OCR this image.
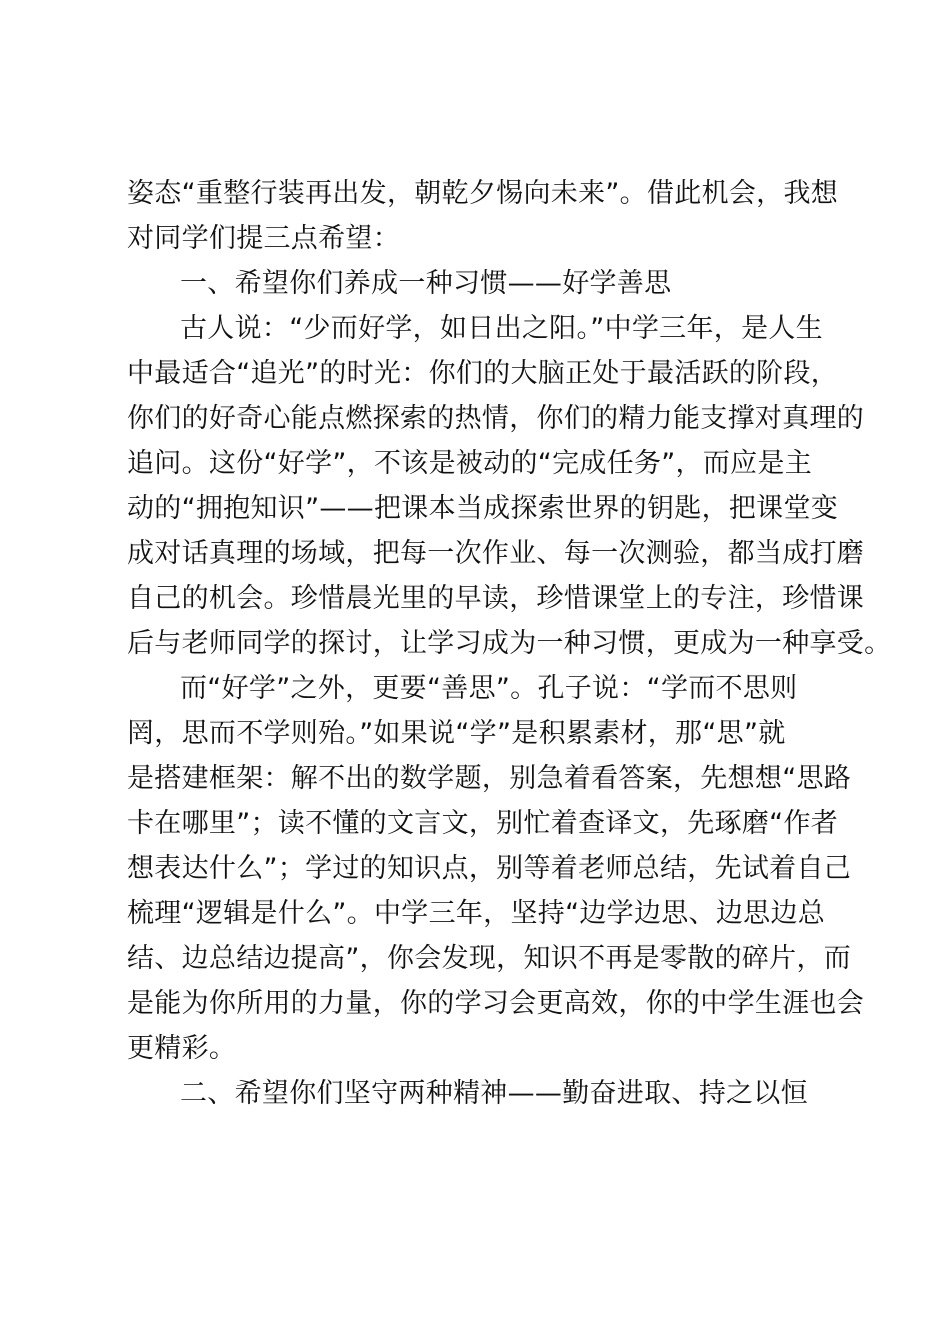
姿态“重整行装再出发，朝乾夕惕向未来”。借此机会，我想
对同学们提三点希望：
一、希望你们养成一种习惯——好学善思
古人说：“少而好学，如日出之阳。”中学三年，是人生
中最适合“追光”的时光：你们的大脑正处于最活跃的阶段，
你们的好奇心能点燃探索的热情，你们的精力能支撑对真理的
追问。这份“好学”，不该是被动的“完成任务”，而应是主
动的“拥抱知识”——把课本当成探索世界的钥匙，把课堂变
成对话真理的场域，把每一次作业、每一次测验，都当成打磨
自己的机会。珍惜晨光里的早读，珍惜课堂上的专注，珍惜课
后与老师同学的探讨，让学习成为一种习惯，更成为一种享受。
而“好学”之外，更要“善思”。孔子说：“学而不思则
罔，思而不学则殆。”如果说“学”是积累素材，那“思”就
是搭建框架：解不出的数学题，别急着看答案，先想想“思路
卡在哪里”；读不懂的文言文，别忙着查译文，先琢磨“作者
想表达什么”；学过的知识点，别等着老师总结，先试着自己
梳理“逻辑是什么”。中学三年，坚持“边学边思、边思边总
结、边总结边提高”，你会发现，知识不再是零散的碎片，而
是能为你所用的力量，你的学习会更高效，你的中学生涯也会
更精彩。
二、希望你们坚守两种精神——勤奋进取、持之以恒
